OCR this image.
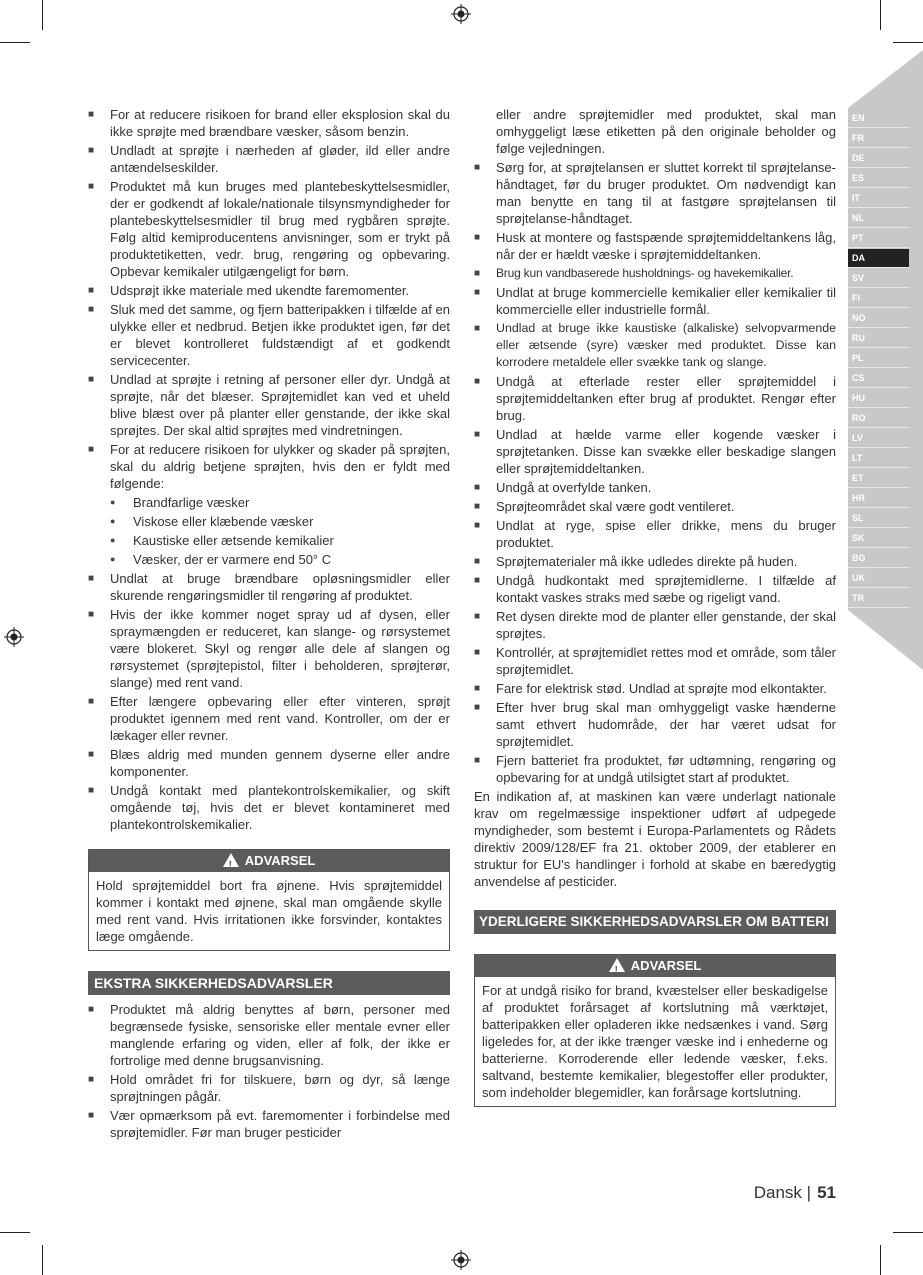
EN
FR
DE
ES
IT
NL
PT
DA
SV
FI
NO
RU
PL
CS
HU
RO
LV
LT
ET
HR
SL
SK
BG
UK
TR
■ For at reducere risikoen for brand eller eksplosion skal du ikke sprøjte med brændbare væsker, såsom benzin.
■ Undladt at sprøjte i nærheden af gløder, ild eller andre antændelseskilder.
■ Produktet må kun bruges med plantebeskyttelsesmidler, der er godkendt af lokale/nationale tilsynsmyndigheder for plantebeskyttelsesmidler til brug med rygbåren sprøjte. Følg altid kemiproducentens anvisninger, som er trykt på produktetiketten, vedr. brug, rengøring og opbevaring. Opbevar kemikaler utilgængeligt for børn.
■ Udsprøjt ikke materiale med ukendte faremomenter.
■ Sluk med det samme, og fjern batteripakken i tilfælde af en ulykke eller et nedbrud. Betjen ikke produktet igen, før det er blevet kontrolleret fuldstændigt af et godkendt servicecenter.
■ Undlad at sprøjte i retning af personer eller dyr. Undgå at sprøjte, når det blæser. Sprøjtemidlet kan ved et uheld blive blæst over på planter eller genstande, der ikke skal sprøjtes. Der skal altid sprøjtes med vindretningen.
■ For at reducere risikoen for ulykker og skader på sprøjten, skal du aldrig betjene sprøjten, hvis den er fyldt med følgende:
● Brandfarlige væsker
● Viskose eller klæbende væsker
● Kaustiske eller ætsende kemikalier
● Væsker, der er varmere end 50° C
■ Undlat at bruge brændbare opløsningsmidler eller skurende rengøringsmidler til rengøring af produktet.
■ Hvis der ikke kommer noget spray ud af dysen, eller spraymængden er reduceret, kan slange- og rørsystemet være blokeret. Skyl og rengør alle dele af slangen og rørsystemet (sprøjtepistol, filter i beholderen, sprøjterør, slange) med rent vand.
■ Efter længere opbevaring eller efter vinteren, sprøjt produktet igennem med rent vand. Kontroller, om der er lækager eller revner.
■ Blæs aldrig med munden gennem dyserne eller andre komponenter.
■ Undgå kontakt med plantekontrolskemikalier, og skift omgående tøj, hvis det er blevet kontamineret med plantekontrolskemikalier.
! ADVARSEL
Hold sprøjtemiddel bort fra øjnene. Hvis sprøjtemiddel kommer i kontakt med øjnene, skal man omgående skylle med rent vand. Hvis irritationen ikke forsvinder, kontaktes læge omgående.
EKSTRA SIKKERHEDSADVARSLER
■ Produktet må aldrig benyttes af børn, personer med begrænsede fysiske, sensoriske eller mentale evner eller manglende erfaring og viden, eller af folk, der ikke er fortrolige med denne brugsanvisning.
■ Hold området fri for tilskuere, børn og dyr, så længe sprøjtningen pågår.
■ Vær opmærksom på evt. faremomenter i forbindelse med sprøjtemidler. Før man bruger pesticider
eller andre sprøjtemidler med produktet, skal man omhyggeligt læse etiketten på den originale beholder og følge vejledningen.
■ Sørg for, at sprøjtelansen er sluttet korrekt til sprøjtelanse-håndtaget, før du bruger produktet. Om nødvendigt kan man benytte en tang til at fastgøre sprøjtelansen til sprøjtelanse-håndtaget.
■ Husk at montere og fastspænde sprøjtemiddeltankens låg, når der er hældt væske i sprøjtemiddeltanken.
■ Brug kun vandbaserede husholdnings- og havekemikalier.
■ Undlat at bruge kommercielle kemikalier eller kemikalier til kommercielle eller industrielle formål.
■ Undlad at bruge ikke kaustiske (alkaliske) selvopvarmende eller ætsende (syre) væsker med produktet. Disse kan korrodere metaldele eller svække tank og slange.
■ Undgå at efterlade rester eller sprøjtemiddel i sprøjtemiddeltanken efter brug af produktet. Rengør efter brug.
■ Undlad at hælde varme eller kogende væsker i sprøjtetanken. Disse kan svække eller beskadige slangen eller sprøjtemiddeltanken.
■ Undgå at overfylde tanken.
■ Sprøjteområdet skal være godt ventileret.
■ Undlat at ryge, spise eller drikke, mens du bruger produktet.
■ Sprøjtematerialer må ikke udledes direkte på huden.
■ Undgå hudkontakt med sprøjtemidlerne. I tilfælde af kontakt vaskes straks med sæbe og rigeligt vand.
■ Ret dysen direkte mod de planter eller genstande, der skal sprøjtes.
■ Kontrollér, at sprøjtemidlet rettes mod et område, som tåler sprøjtemidlet.
■ Fare for elektrisk stød. Undlad at sprøjte mod elkontakter.
■ Efter hver brug skal man omhyggeligt vaske hænderne samt ethvert hudområde, der har været udsat for sprøjtemidlet.
■ Fjern batteriet fra produktet, før udtømning, rengøring og opbevaring for at undgå utilsigtet start af produktet.

En indikation af, at maskinen kan være underlagt nationale krav om regelmæssige inspektioner udført af udpegede myndigheder, som bestemt i Europa-Parlamentets og Rådets direktiv 2009/128/EF fra 21. oktober 2009, der etablerer en struktur for EU's handlinger i forhold at skabe en bæredygtig anvendelse af pesticider.

YDERLIGERE SIKKERHEDSADVARSLER OM BATTERI
! ADVARSEL
For at undgå risiko for brand, kvæstelser eller beskadigelse af produktet forårsaget af kortslutning må værktøjet, batteripakken eller opladeren ikke nedsænkes i vand. Sørg ligeledes for, at der ikke trænger væske ind i enhederne og batterierne. Korroderende eller ledende væsker, f.eks. saltvand, bestemte kemikalier, blegestoffer eller produkter, som indeholder blegemidler, kan forårsage kortslutning.
Dansk | 51
